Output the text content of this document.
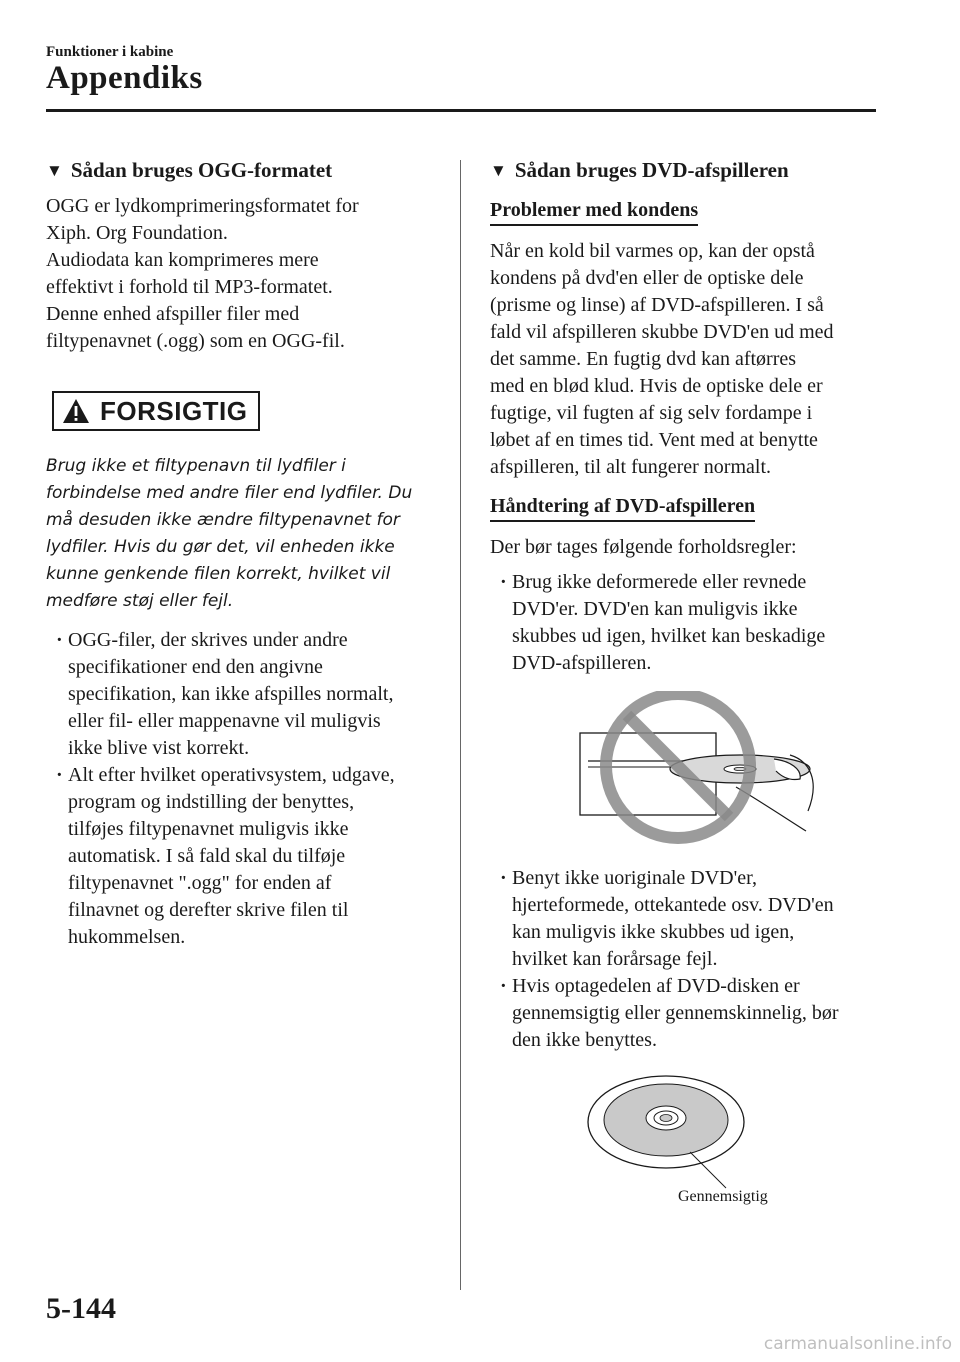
Funktioner i kabine
Appendiks
▼ Sådan bruges OGG-formatet

OGG er lydkomprimeringsformatet for
Xiph. Org Foundation.
Audiodata kan komprimeres mere
effektivt i forhold til MP3-formatet.
Denne enhed afspiller filer med
filtypenavnet (.ogg) som en OGG-fil.

FORSIGTIG
Brug ikke et filtypenavn til lydfiler i
forbindelse med andre filer end lydfiler. Du
må desuden ikke ændre filtypenavnet for
lydfiler. Hvis du gør det, vil enheden ikke
kunne genkende filen korrekt, hvilket vil
medføre støj eller fejl.
· OGG-filer, der skrives under andre
specifikationer end den angivne
specifikation, kan ikke afspilles normalt,
eller fil- eller mappenavne vil muligvis
ikke blive vist korrekt.
· Alt efter hvilket operativsystem, udgave,
program og indstilling der benyttes,
tilføjes filtypenavnet muligvis ikke
automatisk. I så fald skal du tilføje
filtypenavnet ".ogg" for enden af
filnavnet og derefter skrive filen til
hukommelsen.
▼ Sådan bruges DVD-afspilleren
Problemer med kondens

Når en kold bil varmes op, kan der opstå
kondens på dvd'en eller de optiske dele
(prisme og linse) af DVD-afspilleren. I så
fald vil afspilleren skubbe DVD'en ud med
det samme. En fugtig dvd kan aftørres
med en blød klud. Hvis de optiske dele er
fugtige, vil fugten af sig selv fordampe i
løbet af en times tid. Vent med at benytte
afspilleren, til alt fungerer normalt.

Håndtering af DVD-afspilleren

Der bør tages følgende forholdsregler:

· Brug ikke deformerede eller revnede
DVD'er. DVD'en kan muligvis ikke
skubbes ud igen, hvilket kan beskadige
DVD-afspilleren.
· Benyt ikke uoriginale DVD'er,
hjerteformede, ottekantede osv. DVD'en
kan muligvis ikke skubbes ud igen,
hvilket kan forårsage fejl.
· Hvis optagedelen af DVD-disken er
gennemsigtig eller gennemskinnelig, bør
den ikke benyttes.
Gennemsigtig
5-144
carmanualsonline.info
